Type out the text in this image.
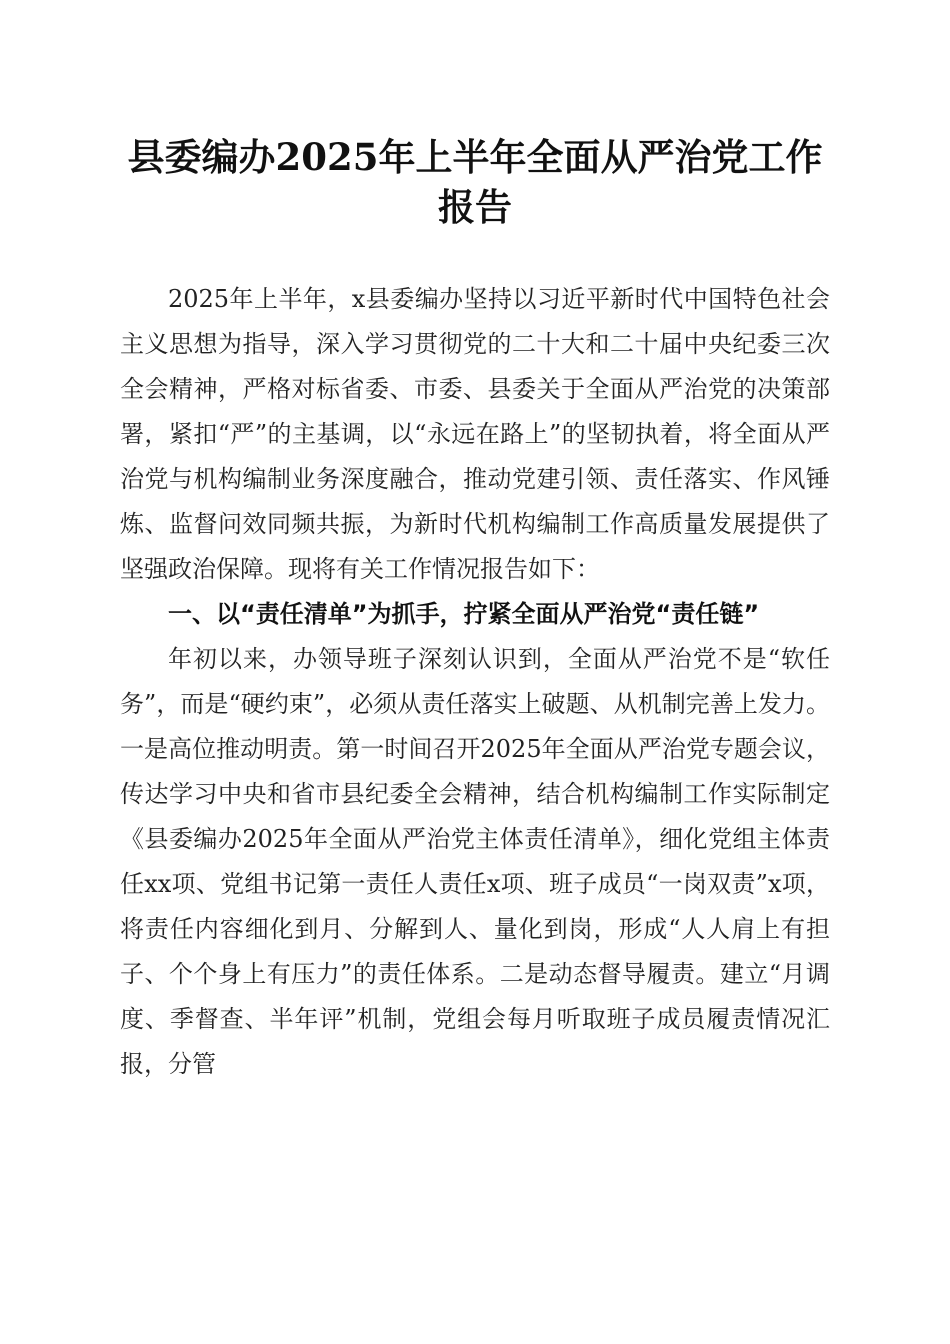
县委编办2025年上半年全面从严治党工作报告

2025年上半年，x县委编办坚持以习近平新时代中国特色社会主义思想为指导，深入学习贯彻党的二十大和二十届中央纪委三次全会精神，严格对标省委、市委、县委关于全面从严治党的决策部署，紧扣“严”的主基调，以“永远在路上”的坚韧执着，将全面从严治党与机构编制业务深度融合，推动党建引领、责任落实、作风锤炼、监督问效同频共振，为新时代机构编制工作高质量发展提供了坚强政治保障。现将有关工作情况报告如下：

一、以“责任清单”为抓手，拧紧全面从严治党“责任链”

年初以来，办领导班子深刻认识到，全面从严治党不是“软任务”，而是“硬约束”，必须从责任落实上破题、从机制完善上发力。一是高位推动明责。第一时间召开2025年全面从严治党专题会议，传达学习中央和省市县纪委全会精神，结合机构编制工作实际制定《县委编办2025年全面从严治党主体责任清单》，细化党组主体责任xx项、党组书记第一责任人责任x项、班子成员“一岗双责”x项，将责任内容细化到月、分解到人、量化到岗，形成“人人肩上有担子、个个身上有压力”的责任体系。二是动态督导履责。建立“月调度、季督查、半年评”机制，党组会每月听取班子成员履责情况汇报，分管
